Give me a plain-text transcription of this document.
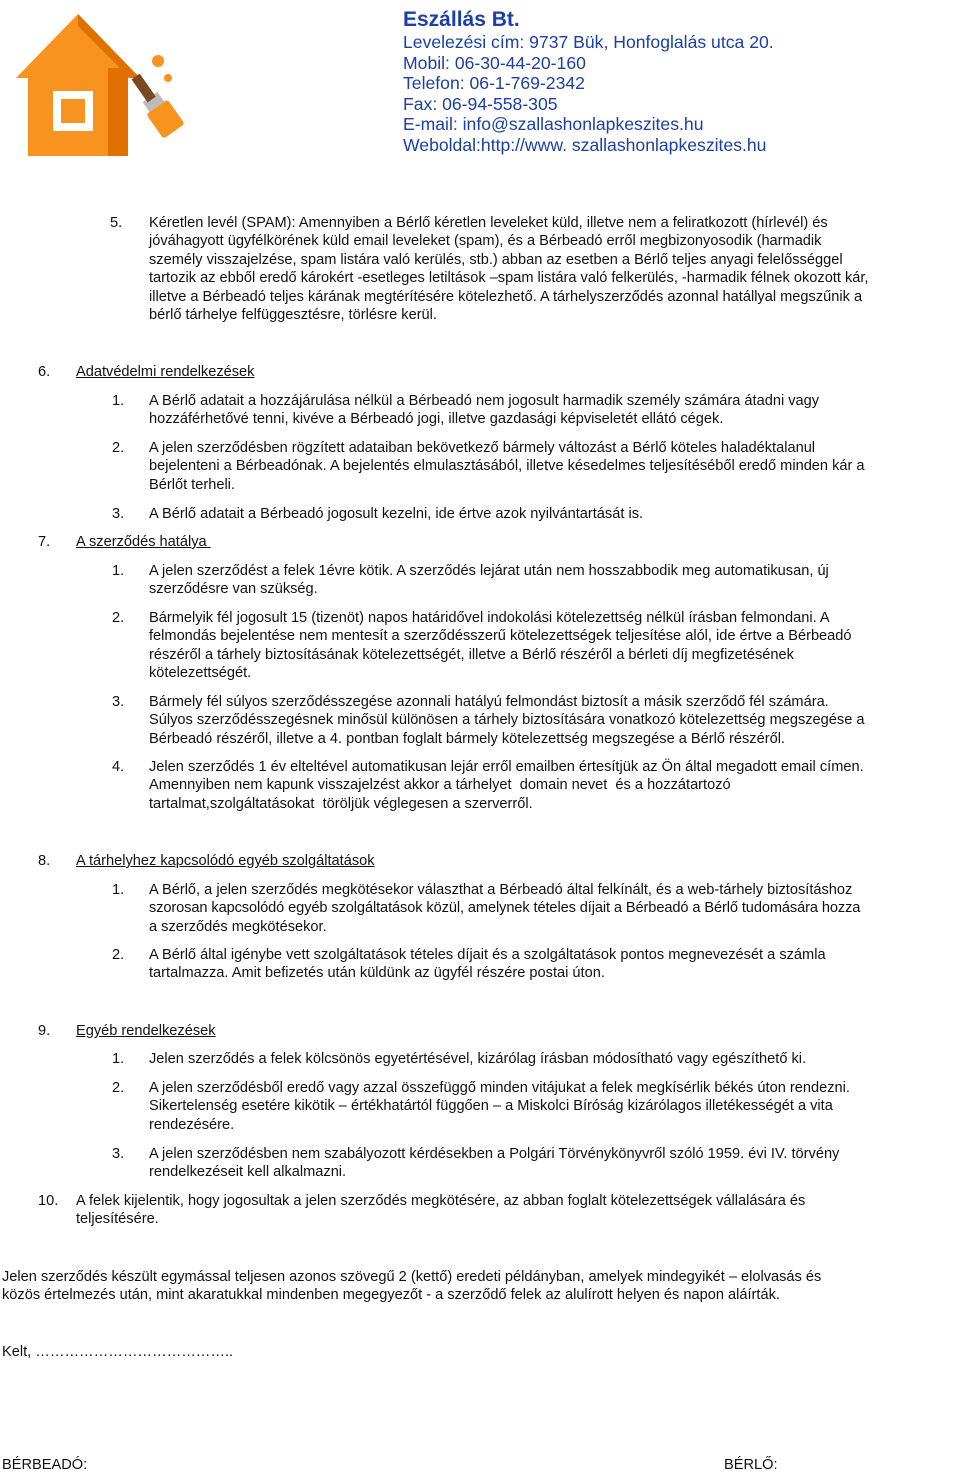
Eszállás Bt.
Levelezési cím: 9737 Bük, Honfoglalás utca 20.
Mobil: 06-30-44-20-160
Telefon: 06-1-769-2342
Fax: 06-94-558-305
E-mail: info@szallashonlapkeszites.hu
Weboldal:http://www. szallashonlapkeszites.hu
5. Kéretlen levél (SPAM): Amennyiben a Bérlő kéretlen leveleket küld, illetve nem a feliratkozott (hírlevél) és

jóváhagyott ügyfélkörének küld email leveleket (spam), és a Bérbeadó erről megbizonyosodik (harmadik

személy visszajelzése, spam listára való kerülés, stb.) abban az esetben a Bérlő teljes anyagi felelősséggel

tartozik az ebből eredő károkért -esetleges letiltások –spam listára való felkerülés, -harmadik félnek okozott kár,

illetve a Bérbeadó teljes kárának megtérítésére kötelezhető. A tárhelyszerződés azonnal hatállyal megszűnik a

bérlő tárhelye felfüggesztésre, törlésre kerül.

6. Adatvédelmi rendelkezések
1. A Bérlő adatait a hozzájárulása nélkül a Bérbeadó nem jogosult harmadik személy számára átadni vagy

hozzáférhetővé tenni, kivéve a Bérbeadó jogi, illetve gazdasági képviseletét ellátó cégek.

2. A jelen szerződésben rögzített adataiban bekövetkező bármely változást a Bérlő köteles haladéktalanul

bejelenteni a Bérbeadónak. A bejelentés elmulasztásából, illetve késedelmes teljesítéséből eredő minden kár a

Bérlőt terheli.

3. A Bérlő adatait a Bérbeadó jogosult kezelni, ide értve azok nyilvántartását is.

7. A szerződés hatálya
1. A jelen szerződést a felek 1évre kötik. A szerződés lejárat után nem hosszabbodik meg automatikusan, új

szerződésre van szükség.

2. Bármelyik fél jogosult 15 (tizenöt) napos határidővel indokolási kötelezettség nélkül írásban felmondani. A

felmondás bejelentése nem mentesít a szerződésszerű kötelezettségek teljesítése alól, ide értve a Bérbeadó

részéről a tárhely biztosításának kötelezettségét, illetve a Bérlő részéről a bérleti díj megfizetésének

kötelezettségét.

3. Bármely fél súlyos szerződésszegése azonnali hatályú felmondást biztosít a másik szerződő fél számára.

Súlyos szerződésszegésnek minősül különösen a tárhely biztosítására vonatkozó kötelezettség megszegése a

Bérbeadó részéről, illetve a 4. pontban foglalt bármely kötelezettség megszegése a Bérlő részéről.

4. Jelen szerződés 1 év elteltével automatikusan lejár erről emailben értesítjük az Ön által megadott email címen.

Amennyiben nem kapunk visszajelzést akkor a tárhelyet  domain nevet  és a hozzátartozó

tartalmat,szolgáltatásokat  töröljük véglegesen a szerverről.

8. A tárhelyhez kapcsolódó egyéb szolgáltatások
1. A Bérlő, a jelen szerződés megkötésekor választhat a Bérbeadó által felkínált, és a web-tárhely biztosításhoz

szorosan kapcsolódó egyéb szolgáltatások közül, amelynek tételes díjait a Bérbeadó a Bérlő tudomására hozza

a szerződés megkötésekor.

2. A Bérlő által igénybe vett szolgáltatások tételes díjait és a szolgáltatások pontos megnevezését a számla

tartalmazza. Amit befizetés után küldünk az ügyfél részére postai úton.

9. Egyéb rendelkezések
1. Jelen szerződés a felek kölcsönös egyetértésével, kizárólag írásban módosítható vagy egészíthető ki.

2. A jelen szerződésből eredő vagy azzal összefüggő minden vitájukat a felek megkísérlik békés úton rendezni.

Sikertelenség esetére kikötik – értékhatártól függően – a Miskolci Bíróság kizárólagos illetékességét a vita

rendezésére.

3. A jelen szerződésben nem szabályozott kérdésekben a Polgári Törvénykönyvről szóló 1959. évi IV. törvény

rendelkezéseit kell alkalmazni.

10. A felek kijelentik, hogy jogosultak a jelen szerződés megkötésére, az abban foglalt kötelezettségek vállalására és

teljesítésére.

Jelen szerződés készült egymással teljesen azonos szövegű 2 (kettő) eredeti példányban, amelyek mindegyikét – elolvasás és

közös értelmezés után, mint akaratukkal mindenben megegyezőt - a szerződő felek az alulírott helyen és napon aláírták.

Kelt, …………………………………..
BÉRBEADÓ:	BÉRLŐ:
